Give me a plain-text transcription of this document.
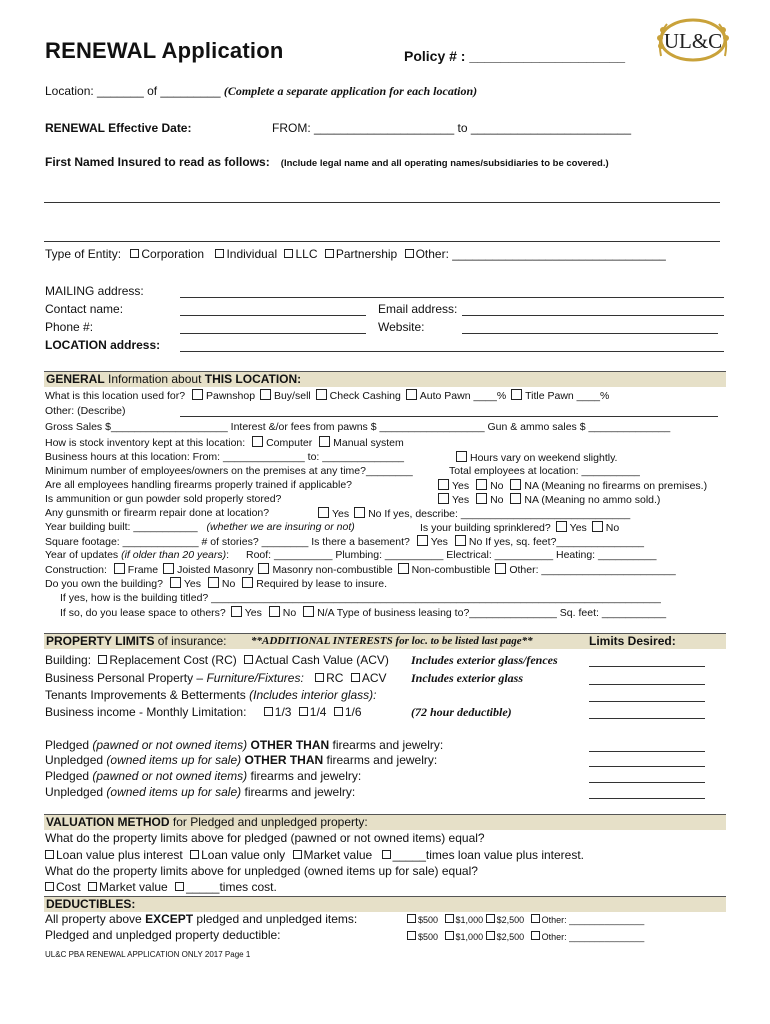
UL&C
RENEWAL Application	Policy # : ____________________
Location: _______ of _________ (Complete a separate application for each location)
RENEWAL Effective Date:	FROM: _____________________ to ________________________
First Named Insured to read as follows: (Include legal name and all operating names/subsidiaries to be covered.)
Type of Entity: Corporation Individual LLC Partnership Other: ________________________________
MAILING address:
Contact name:	Email address:
Phone #:	Website:
LOCATION address:
GENERAL Information about THIS LOCATION:
What is this location used for? Pawnshop Buy/sell Check Cashing Auto Pawn ____% Title Pawn ____%
Other: (Describe)
Gross Sales $____________________ Interest &/or fees from pawns $ __________________ Gun & ammo sales $ ______________
How is stock inventory kept at this location: Computer Manual system
Business hours at this location: From: ______________ to: ______________	Hours vary on weekend slightly.
Minimum number of employees/owners on the premises at any time?________	Total employees at location: __________
Are all employees handling firearms properly trained if applicable?	Yes No NA (Meaning no firearms on premises.)
Is ammunition or gun powder sold properly stored?	Yes No NA (Meaning no ammo sold.)
Any gunsmith or firearm repair done at location?	Yes No If yes, describe: _____________________________
Year building built: ___________ (whether we are insuring or not)	Is your building sprinklered? Yes No
Square footage: _____________ # of stories? ________ Is there a basement? Yes No If yes, sq. feet?_______________
Year of updates (if older than 20 years): Roof: __________ Plumbing: __________ Electrical: __________ Heating: __________
Construction: Frame Joisted Masonry Masonry non-combustible Non-combustible Other: _______________________
Do you own the building? Yes No Required by lease to insure.
If yes, how is the building titled? _____________________________________________________________________________
If so, do you lease space to others? Yes No N/A Type of business leasing to?_______________ Sq. feet: ___________
PROPERTY LIMITS of insurance: **ADDITIONAL INTERESTS for loc. to be listed last page**	Limits Desired:
Building: Replacement Cost (RC) Actual Cash Value (ACV) Includes exterior glass/fences
Business Personal Property – Furniture/Fixtures: RC ACV Includes exterior glass
Tenants Improvements & Betterments (Includes interior glass):
Business income - Monthly Limitation: 1/3 1/4 1/6	(72 hour deductible)
Pledged (pawned or not owned items) OTHER THAN firearms and jewelry:
Unpledged (owned items up for sale) OTHER THAN firearms and jewelry:
Pledged (pawned or not owned items) firearms and jewelry:
Unpledged (owned items up for sale) firearms and jewelry:
VALUATION METHOD for Pledged and unpledged property:
What do the property limits above for pledged (pawned or not owned items) equal?
Loan value plus interest Loan value only Market value _____times loan value plus interest.
What do the property limits above for unpledged (owned items up for sale) equal?
Cost Market value _____times cost.
DEDUCTIBLES:
All property above EXCEPT pledged and unpledged items:	$500 $1,000 $2,500 Other: _______________
Pledged and unpledged property deductible:	$500 $1,000 $2,500 Other: _______________
UL&C PBA RENEWAL APPLICATION ONLY 2017 Page 1
